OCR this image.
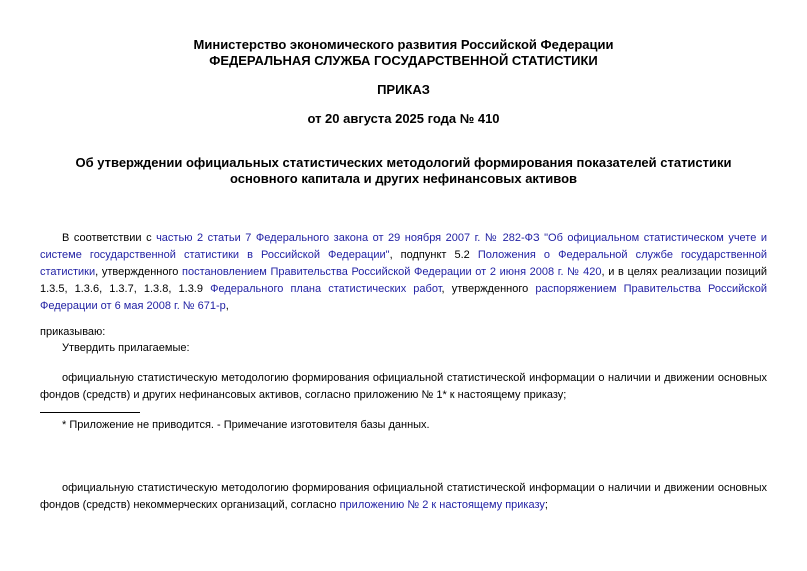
Министерство экономического развития Российской Федерации
ФЕДЕРАЛЬНАЯ СЛУЖБА ГОСУДАРСТВЕННОЙ СТАТИСТИКИ
ПРИКАЗ
от 20 августа 2025 года № 410
Об утверждении официальных статистических методологий формирования показателей статистики
основного капитала и других нефинансовых активов
В соответствии с частью 2 статьи 7 Федерального закона от 29 ноября 2007 г. № 282-ФЗ "Об официальном статистическом учете и системе государственной статистики в Российской Федерации", подпункт 5.2 Положения о Федеральной службе государственной статистики, утвержденного постановлением Правительства Российской Федерации от 2 июня 2008 г. № 420, и в целях реализации позиций 1.3.5, 1.3.6, 1.3.7, 1.3.8, 1.3.9 Федерального плана статистических работ, утвержденного распоряжением Правительства Российской Федерации от 6 мая 2008 г. № 671-р,
приказываю:
Утвердить прилагаемые:
официальную статистическую методологию формирования официальной статистической информации о наличии и движении основных фондов (средств) и других нефинансовых активов, согласно приложению № 1* к настоящему приказу;
* Приложение не приводится. - Примечание изготовителя базы данных.
официальную статистическую методологию формирования официальной статистической информации о наличии и движении основных фондов (средств) некоммерческих организаций, согласно приложению № 2 к настоящему приказу;
